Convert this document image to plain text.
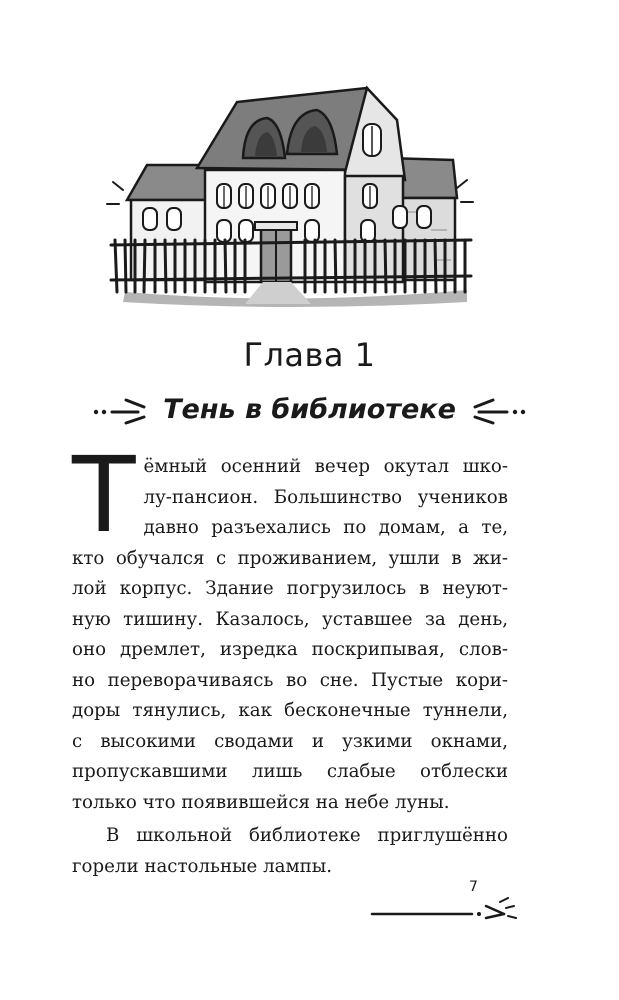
Глава 1
Тень в библиотеке
Т ёмный осенний вечер окутал шко-
лу-пансион. Большинство учеников
давно разъехались по домам, а те,
кто обучался с проживанием, ушли в жи-
лой корпус. Здание погрузилось в неуют-
ную тишину. Казалось, уставшее за день,
оно дремлет, изредка поскрипывая, слов-
но переворачиваясь во сне. Пустые кори-
доры тянулись, как бесконечные туннели,
с высокими сводами и узкими окнами,
пропускавшими лишь слабые отблески
только что появившейся на небе луны.
В школьной библиотеке приглушённо
горели настольные лампы.
7
